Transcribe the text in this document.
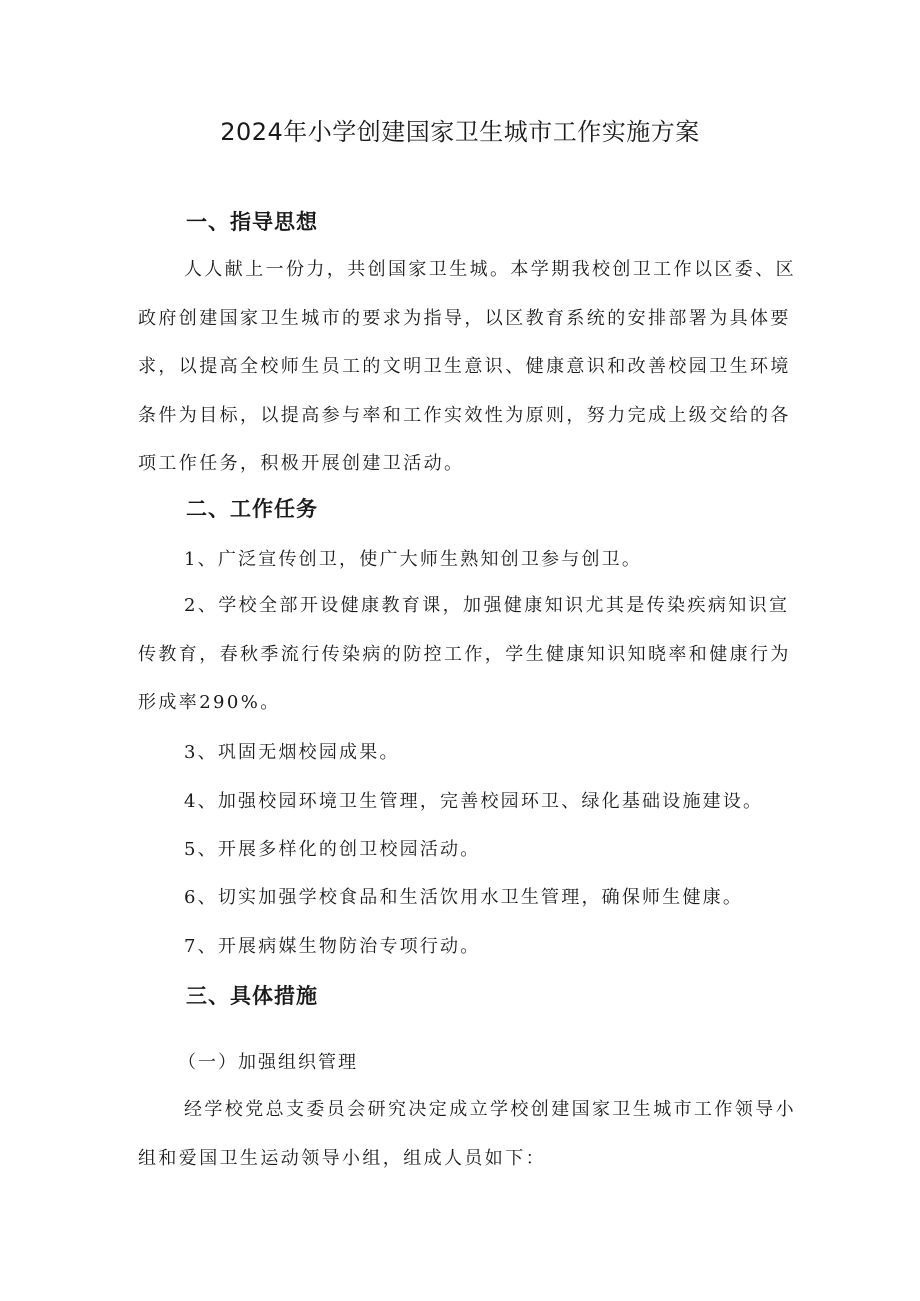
2024年小学创建国家卫生城市工作实施方案
一、指导思想

人人献上一份力，共创国家卫生城。本学期我校创卫工作以区委、区政府创建国家卫生城市的要求为指导，以区教育系统的安排部署为具体要求，以提高全校师生员工的文明卫生意识、健康意识和改善校园卫生环境条件为目标，以提高参与率和工作实效性为原则，努力完成上级交给的各项工作任务，积极开展创建卫活动。

二、工作任务
1、广泛宣传创卫，使广大师生熟知创卫参与创卫。

2、学校全部开设健康教育课，加强健康知识尤其是传染疾病知识宣传教育，春秋季流行传染病的防控工作，学生健康知识知晓率和健康行为形成率290%。

3、巩固无烟校园成果。
4、加强校园环境卫生管理，完善校园环卫、绿化基础设施建设。
5、开展多样化的创卫校园活动。
6、切实加强学校食品和生活饮用水卫生管理，确保师生健康。
7、开展病媒生物防治专项行动。
三、具体措施
（一）加强组织管理

经学校党总支委员会研究决定成立学校创建国家卫生城市工作领导小组和爱国卫生运动领导小组，组成人员如下：
